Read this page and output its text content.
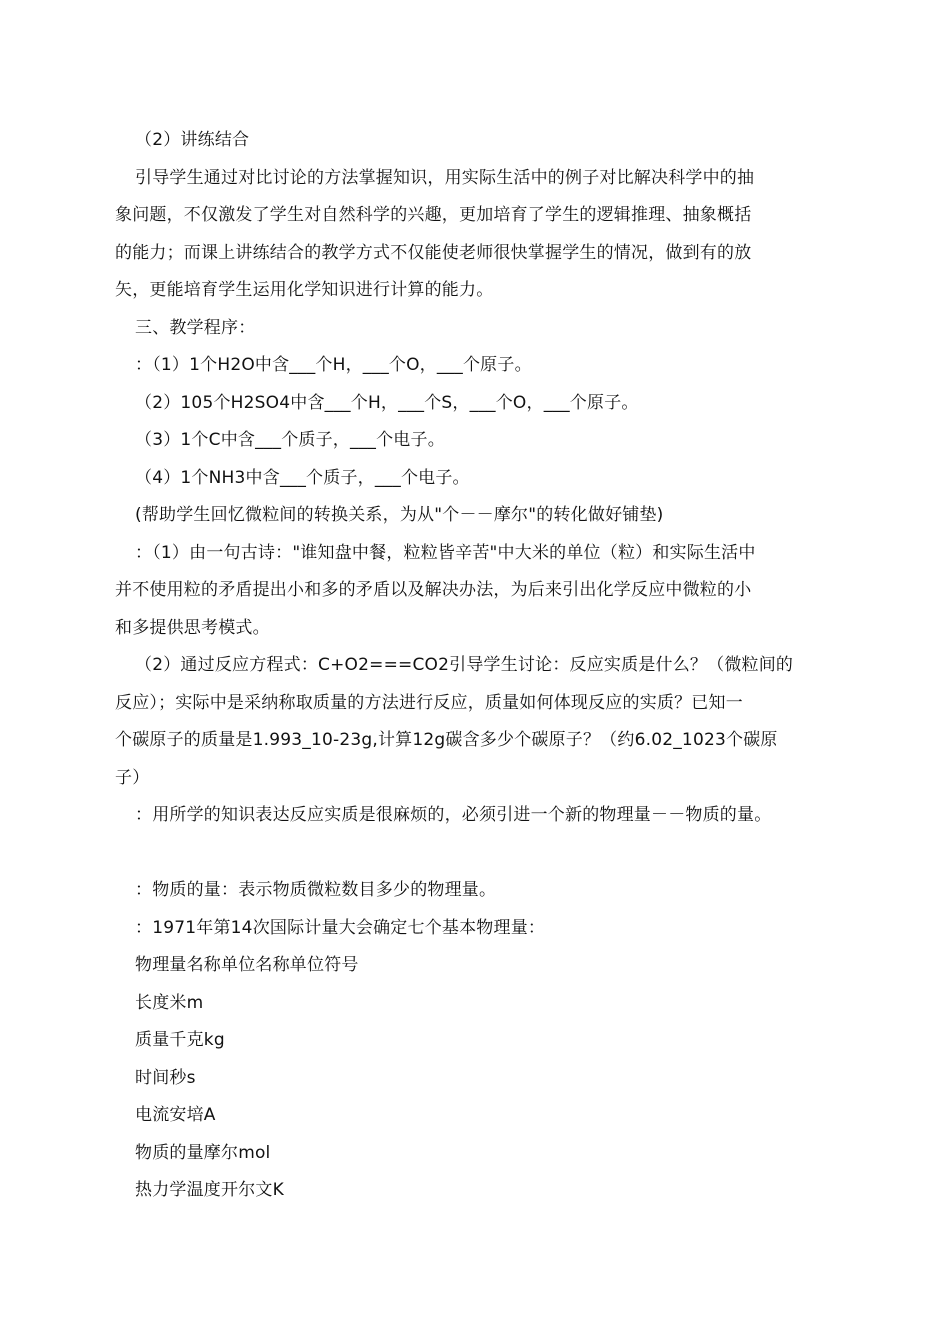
（2）讲练结合
引导学生通过对比讨论的方法掌握知识，用实际生活中的例子对比解决科学中的抽
象问题，不仅激发了学生对自然科学的兴趣，更加培育了学生的逻辑推理、抽象概括
的能力；而课上讲练结合的教学方式不仅能使老师很快掌握学生的情况，做到有的放
矢，更能培育学生运用化学知识进行计算的能力。
三、教学程序：
：（1）1个H2O中含___个H，___个O，___个原子。
（2）105个H2SO4中含___个H，___个S，___个O，___个原子。
（3）1个C中含___个质子，___个电子。
（4）1个NH3中含___个质子，___个电子。
(帮助学生回忆微粒间的转换关系，为从"个－－摩尔"的转化做好铺垫)
：（1）由一句古诗："谁知盘中餐，粒粒皆辛苦"中大米的单位（粒）和实际生活中
并不使用粒的矛盾提出小和多的矛盾以及解决办法，为后来引出化学反应中微粒的小
和多提供思考模式。
（2）通过反应方程式：C+O2===CO2引导学生讨论：反应实质是什么？（微粒间的
反应）；实际中是采纳称取质量的方法进行反应，质量如何体现反应的实质？已知一
个碳原子的质量是1.993_10-23g,计算12g碳含多少个碳原子？（约6.02_1023个碳原
子）
：用所学的知识表达反应实质是很麻烦的，必须引进一个新的物理量－－物质的量。
：物质的量：表示物质微粒数目多少的物理量。
：1971年第14次国际计量大会确定七个基本物理量：
物理量名称单位名称单位符号
长度米m
质量千克kg
时间秒s
电流安培A
物质的量摩尔mol
热力学温度开尔文K
